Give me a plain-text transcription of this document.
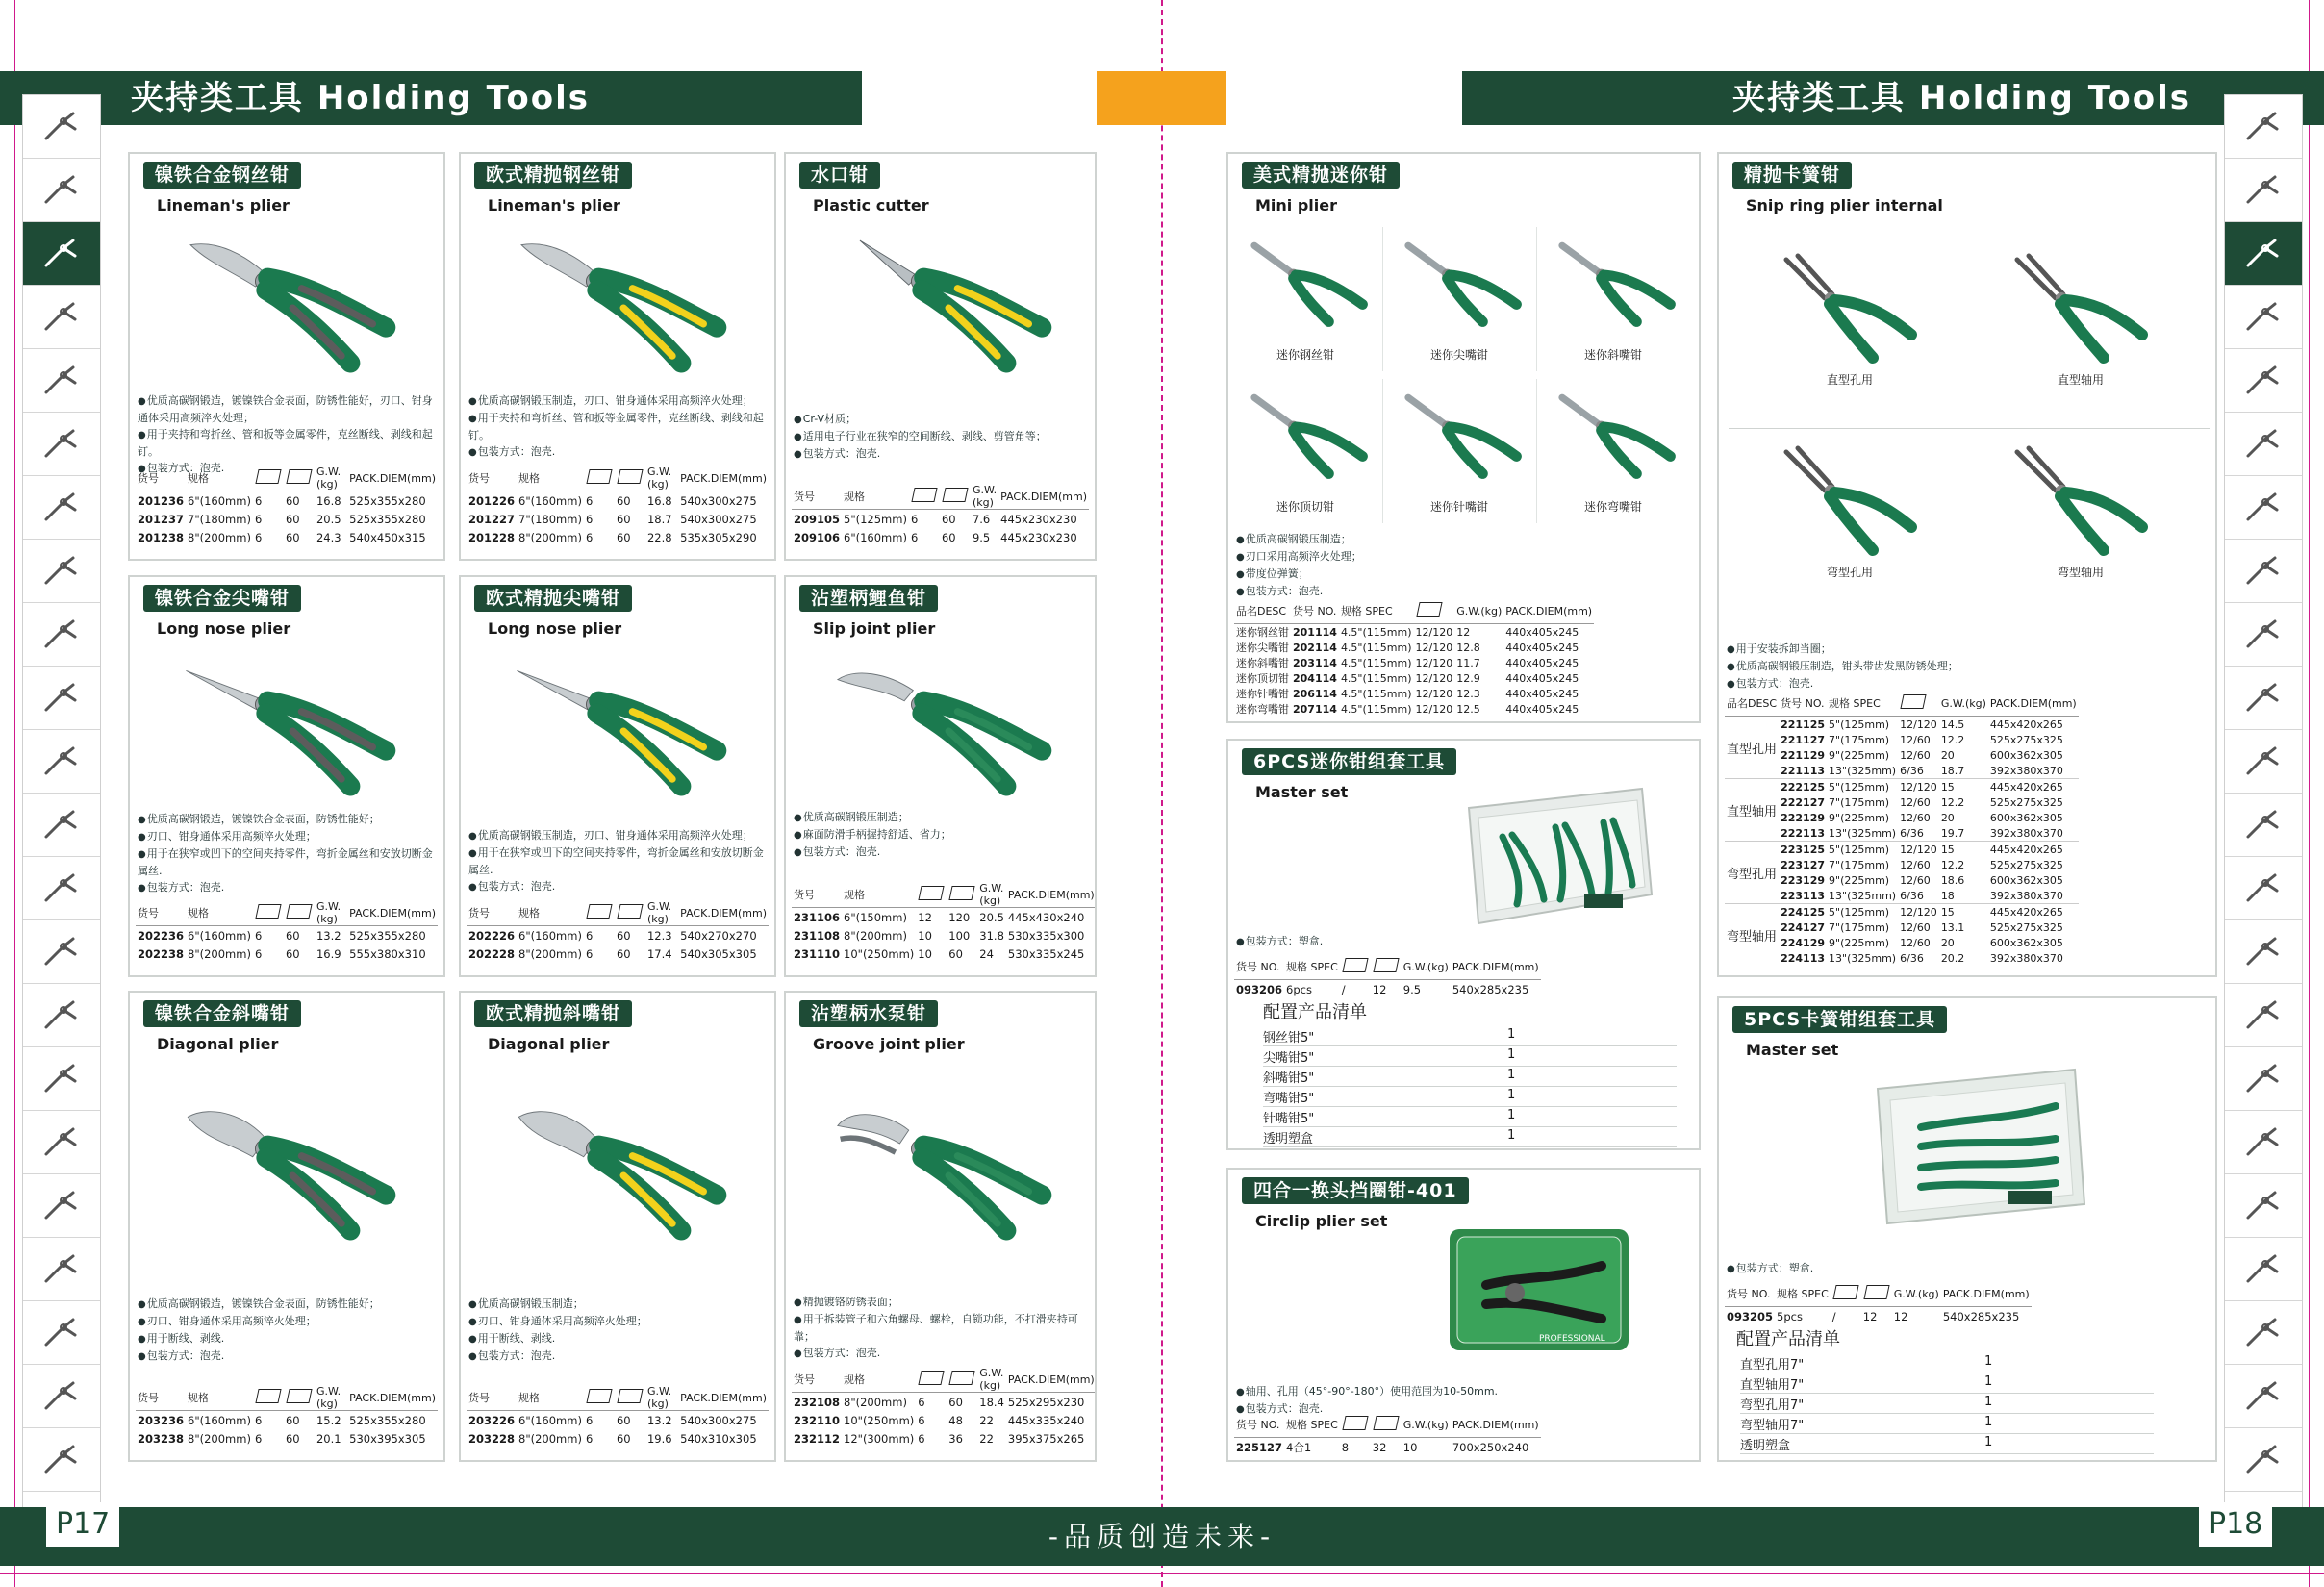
夹持类工具 Holding Tools	夹持类工具 Holding Tools
镍铁合金钢丝钳
Lineman's plier
● 优质高碳钢锻造，镀镍铁合金表面，防锈性能好，刃口、钳身通体采用高频淬火处理；
● 用于夹持和弯折丝、管和扳等金属零件，克丝断线、剥线和起钉。
● 包装方式：泡壳.
货号	规格			G.W.(kg)	PACK.DIEM(mm)
201236	6"(160mm)	6	60	16.8	525x355x280
201237	7"(180mm)	6	60	20.5	525x355x280
201238	8"(200mm)	6	60	24.3	540x450x315
欧式精抛钢丝钳
Lineman's plier
● 优质高碳钢锻压制造，刃口、钳身通体采用高频淬火处理；
● 用于夹持和弯折丝、管和扳等金属零件，克丝断线、剥线和起钉。
● 包装方式：泡壳.
货号	规格			G.W.(kg)	PACK.DIEM(mm)
201226	6"(160mm)	6	60	16.8	540x300x275
201227	7"(180mm)	6	60	18.7	540x300x275
201228	8"(200mm)	6	60	22.8	535x305x290
水口钳
Plastic cutter
● Cr-V材质；
● 适用电子行业在狭窄的空间断线、剥线、剪管角等；
● 包装方式：泡壳.
货号	规格			G.W.(kg)	PACK.DIEM(mm)
209105	5"(125mm)	6	60	7.6	445x230x230
209106	6"(160mm)	6	60	9.5	445x230x230
镍铁合金尖嘴钳
Long nose plier
● 优质高碳钢锻造，镀镍铁合金表面，防锈性能好；
● 刃口、钳身通体采用高频淬火处理；
● 用于在狭窄或凹下的空间夹持零件，弯折金属丝和安放切断金属丝.
● 包装方式：泡壳.
货号	规格			G.W.(kg)	PACK.DIEM(mm)
202236	6"(160mm)	6	60	13.2	525x355x280
202238	8"(200mm)	6	60	16.9	555x380x310
欧式精抛尖嘴钳
Long nose plier
● 优质高碳钢锻压制造，刃口、钳身通体采用高频淬火处理；
● 用于在狭窄或凹下的空间夹持零件，弯折金属丝和安放切断金属丝.
● 包装方式：泡壳.
货号	规格			G.W.(kg)	PACK.DIEM(mm)
202226	6"(160mm)	6	60	12.3	540x270x270
202228	8"(200mm)	6	60	17.4	540x305x305
沾塑柄鲤鱼钳
Slip joint plier
● 优质高碳钢锻压制造；
● 麻面防滑手柄握持舒适、省力；
● 包装方式：泡壳.
货号	规格			G.W.(kg)	PACK.DIEM(mm)
231106	6"(150mm)	12	120	20.5	445x430x240
231108	8"(200mm)	10	100	31.8	530x335x300
231110	10"(250mm)	10	60	24	530x335x245
镍铁合金斜嘴钳
Diagonal plier
● 优质高碳钢锻造，镀镍铁合金表面，防锈性能好；
● 刃口、钳身通体采用高频淬火处理；
● 用于断线、剥线.
● 包装方式：泡壳.
货号	规格			G.W.(kg)	PACK.DIEM(mm)
203236	6"(160mm)	6	60	15.2	525x355x280
203238	8"(200mm)	6	60	20.1	530x395x305
欧式精抛斜嘴钳
Diagonal plier
● 优质高碳钢锻压制造；
● 刃口、钳身通体采用高频淬火处理；
● 用于断线、剥线.
● 包装方式：泡壳.
货号	规格			G.W.(kg)	PACK.DIEM(mm)
203226	6"(160mm)	6	60	13.2	540x300x275
203228	8"(200mm)	6	60	19.6	540x310x305
沾塑柄水泵钳
Groove joint plier
● 精抛镀铬防锈表面；
● 用于拆装管子和六角螺母、螺栓，自锁功能，不打滑夹持可靠；
● 包装方式：泡壳.
货号	规格			G.W.(kg)	PACK.DIEM(mm)
232108	8"(200mm)	6	60	18.4	525x295x230
232110	10"(250mm)	6	48	22	445x335x240
232112	12"(300mm)	6	36	22	395x375x265
美式精抛迷你钳
Mini plier
迷你钢丝钳	迷你尖嘴钳	迷你斜嘴钳
迷你顶切钳	迷你针嘴钳	迷你弯嘴钳
● 优质高碳钢锻压制造；
● 刃口采用高频淬火处理；
● 带度位弹簧；
● 包装方式：泡壳.
品名DESC	货号 NO.	规格 SPEC		G.W.(kg)	PACK.DIEM(mm)
迷你钢丝钳	201114	4.5"(115mm)	12/120	12	440x405x245
迷你尖嘴钳	202114	4.5"(115mm)	12/120	12.8	440x405x245
迷你斜嘴钳	203114	4.5"(115mm)	12/120	11.7	440x405x245
迷你顶切钳	204114	4.5"(115mm)	12/120	12.9	440x405x245
迷你针嘴钳	206114	4.5"(115mm)	12/120	12.3	440x405x245
迷你弯嘴钳	207114	4.5"(115mm)	12/120	12.5	440x405x245
精抛卡簧钳
Snip ring plier internal
直型孔用	直型轴用
弯型孔用	弯型轴用
● 用于安装拆卸当圈；
● 优质高碳钢锻压制造，钳头带齿发黑防锈处理；
● 包装方式：泡壳.
品名DESC	货号 NO.	规格 SPEC		G.W.(kg)	PACK.DIEM(mm)
直型孔用	221125	5"(125mm)	12/120	14.5	445x420x265
	221127	7"(175mm)	12/60	12.2	525x275x325
	221129	9"(225mm)	12/60	20	600x362x305
	221113	13"(325mm)	6/36	18.7	392x380x370
直型轴用	222125	5"(125mm)	12/120	15	445x420x265
	222127	7"(175mm)	12/60	12.2	525x275x325
	222129	9"(225mm)	12/60	20	600x362x305
	222113	13"(325mm)	6/36	19.7	392x380x370
弯型孔用	223125	5"(125mm)	12/120	15	445x420x265
	223127	7"(175mm)	12/60	12.2	525x275x325
	223129	9"(225mm)	12/60	18.6	600x362x305
	223113	13"(325mm)	6/36	18	392x380x370
弯型轴用	224125	5"(125mm)	12/120	15	445x420x265
	224127	7"(175mm)	12/60	13.1	525x275x325
	224129	9"(225mm)	12/60	20	600x362x305
	224113	13"(325mm)	6/36	20.2	392x380x370
6PCS迷你钳组套工具
Master set
● 包装方式：塑盒.
货号 NO.	规格 SPEC			G.W.(kg)	PACK.DIEM(mm)
093206	6pcs	/	12	9.5	540x285x235
配置产品清单
钢丝钳5"	1
尖嘴钳5"	1
斜嘴钳5"	1
弯嘴钳5"	1
针嘴钳5"	1
透明塑盒	1
四合一换头挡圈钳-401
Circlip plier set
PROFESSIONAL
● 轴用、孔用（45°-90°-180°）使用范围为10-50mm.
● 包装方式：泡壳.
货号 NO.	规格 SPEC			G.W.(kg)	PACK.DIEM(mm)
225127	4合1	8	32	10	700x250x240
5PCS卡簧钳组套工具
Master set
● 包装方式：塑盒.
货号 NO.	规格 SPEC			G.W.(kg)	PACK.DIEM(mm)
093205	5pcs	/	12	12	540x285x235
配置产品清单
直型孔用7"	1
直型轴用7"	1
弯型孔用7"	1
弯型轴用7"	1
透明塑盒	1
-品质创造未来-
P17	P18
